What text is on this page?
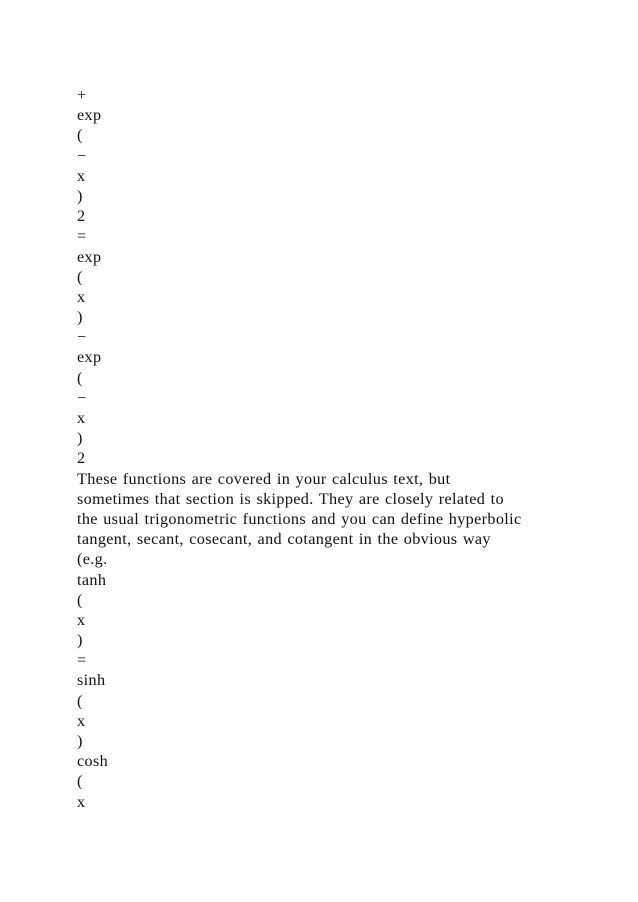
+
exp
(
−
x
)
2
=
exp
(
x
)
−
exp
(
−
x
)
2
These functions are covered in your calculus text, but
sometimes that section is skipped. They are closely related to
the usual trigonometric functions and you can define hyperbolic
tangent, secant, cosecant, and cotangent in the obvious way
(e.g.
tanh
(
x
)
=
sinh
(
x
)
cosh
(
x
